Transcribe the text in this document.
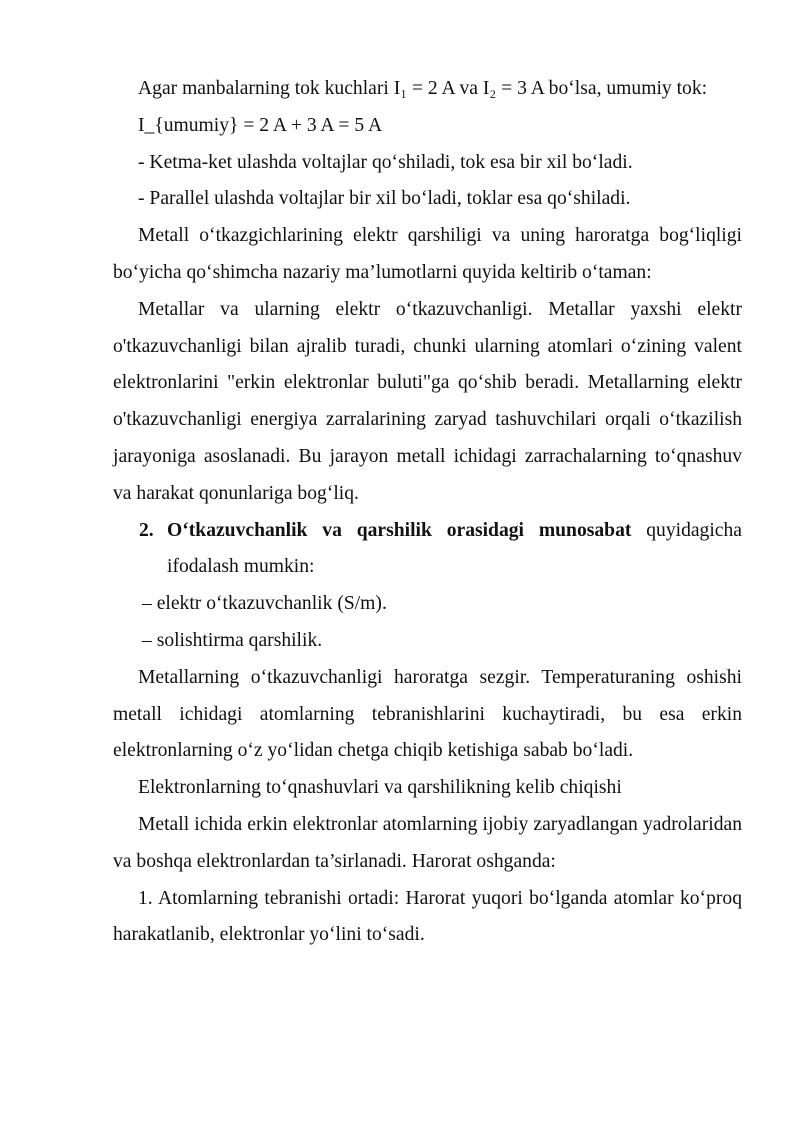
Agar manbalarning tok kuchlari I₁ = 2 A va I₂ = 3 A bo‘lsa, umumiy tok:

I_{umumiy} = 2 A + 3 A = 5 A

- Ketma-ket ulashda voltajlar qo‘shiladi, tok esa bir xil bo‘ladi.

- Parallel ulashda voltajlar bir xil bo‘ladi, toklar esa qo‘shiladi.

Metall o‘tkazgichlarining elektr qarshiligi va uning haroratga bog‘liqligi bo‘yicha qo‘shimcha nazariy ma’lumotlarni quyida keltirib o‘taman:

Metallar va ularning elektr o‘tkazuvchanligi. Metallar yaxshi elektr o'tkazuvchanligi bilan ajralib turadi, chunki ularning atomlari o‘zining valent elektronlarini "erkin elektronlar buluti"ga qo‘shib beradi. Metallarning elektr o'tkazuvchanligi energiya zarralarining zaryad tashuvchilari orqali o‘tkazilish jarayoniga asoslanadi. Bu jarayon metall ichidagi zarrachalarning to‘qnashuv va harakat qonunlariga bog‘liq.

2. O‘tkazuvchanlik va qarshilik orasidagi munosabat quyidagicha ifodalash mumkin:

– elektr o‘tkazuvchanlik (S/m).

– solishtirma qarshilik.

Metallarning o‘tkazuvchanligi haroratga sezgir. Temperaturaning oshishi metall ichidagi atomlarning tebranishlarini kuchaytiradi, bu esa erkin elektronlarning o‘z yo‘lidan chetga chiqib ketishiga sabab bo‘ladi.

Elektronlarning to‘qnashuvlari va qarshilikning kelib chiqishi

Metall ichida erkin elektronlar atomlarning ijobiy zaryadlangan yadrolaridan va boshqa elektronlardan ta’sirlanadi. Harorat oshganda:

1. Atomlarning tebranishi ortadi: Harorat yuqori bo‘lganda atomlar ko‘proq harakatlanib, elektronlar yo‘lini to‘sadi.
